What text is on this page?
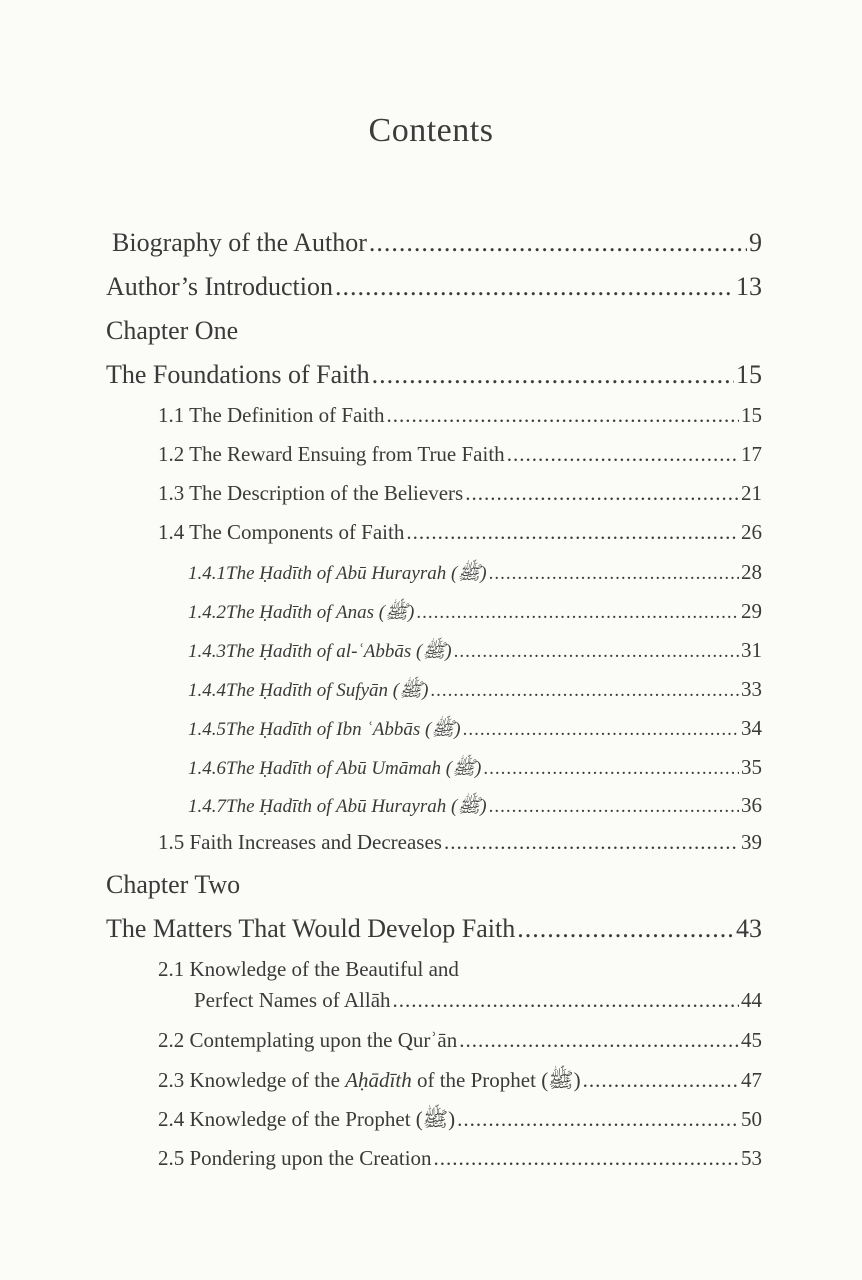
Contents
Biography of the Author .....	9
Author’s Introduction .....	13
Chapter One
The Foundations of Faith .....	15
1.1 The Definition of Faith .....	15
1.2 The Reward Ensuing from True Faith .....	17
1.3 The Description of the Believers .....	21
1.4 The Components of Faith .....	26
1.4.1 The Ḥadīth of Abū Hurayrah (ﷺ) .....	28
1.4.2 The Ḥadīth of Anas (ﷺ) .....	29
1.4.3 The Ḥadīth of al-ʿAbbās (ﷺ) .....	31
1.4.4 The Ḥadīth of Sufyān (ﷺ) .....	33
1.4.5 The Ḥadīth of Ibn ʿAbbās (ﷺ) .....	34
1.4.6 The Ḥadīth of Abū Umāmah (ﷺ) .....	35
1.4.7 The Ḥadīth of Abū Hurayrah (ﷺ) .....	36
1.5 Faith Increases and Decreases .....	39
Chapter Two
The Matters That Would Develop Faith .....	43
2.1 Knowledge of the Beautiful and
Perfect Names of Allāh .....	44
2.2 Contemplating upon the Qurʾān .....	45
2.3 Knowledge of the Aḥādīth of the Prophet (ﷺ) .....	47
2.4 Knowledge of the Prophet (ﷺ) .....	50
2.5 Pondering upon the Creation .....	53
